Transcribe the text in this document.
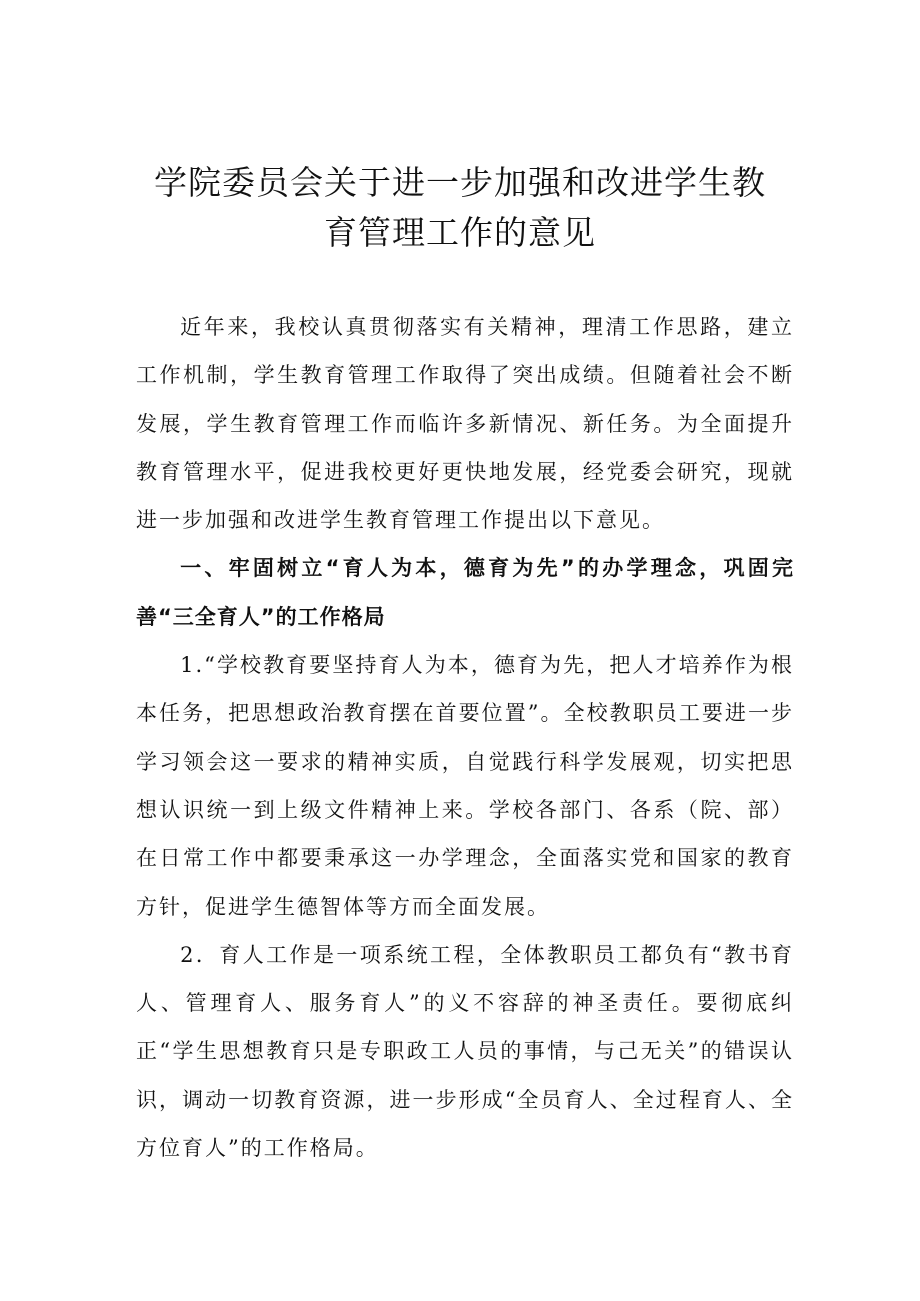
学院委员会关于进一步加强和改进学生教
育管理工作的意见

近年来，我校认真贯彻落实有关精神，理清工作思路，建立工作机制，学生教育管理工作取得了突出成绩。但随着社会不断发展，学生教育管理工作而临许多新情况、新任务。为全面提升教育管理水平，促进我校更好更快地发展，经党委会研究，现就进一步加强和改进学生教育管理工作提出以下意见。

一、牢固树立“育人为本，德育为先”的办学理念，巩固完善“三全育人”的工作格局

1.“学校教育要坚持育人为本，德育为先，把人才培养作为根本任务，把思想政治教育摆在首要位置”。全校教职员工要进一步学习领会这一要求的精神实质，自觉践行科学发展观，切实把思想认识统一到上级文件精神上来。学校各部门、各系（院、部）在日常工作中都要秉承这一办学理念，全面落实党和国家的教育方针，促进学生德智体等方而全面发展。

2．育人工作是一项系统工程，全体教职员工都负有“教书育人、管理育人、服务育人”的义不容辞的神圣责任。要彻底纠正“学生思想教育只是专职政工人员的事情，与己无关”的错误认识，调动一切教育资源，进一步形成“全员育人、全过程育人、全方位育人”的工作格局。
